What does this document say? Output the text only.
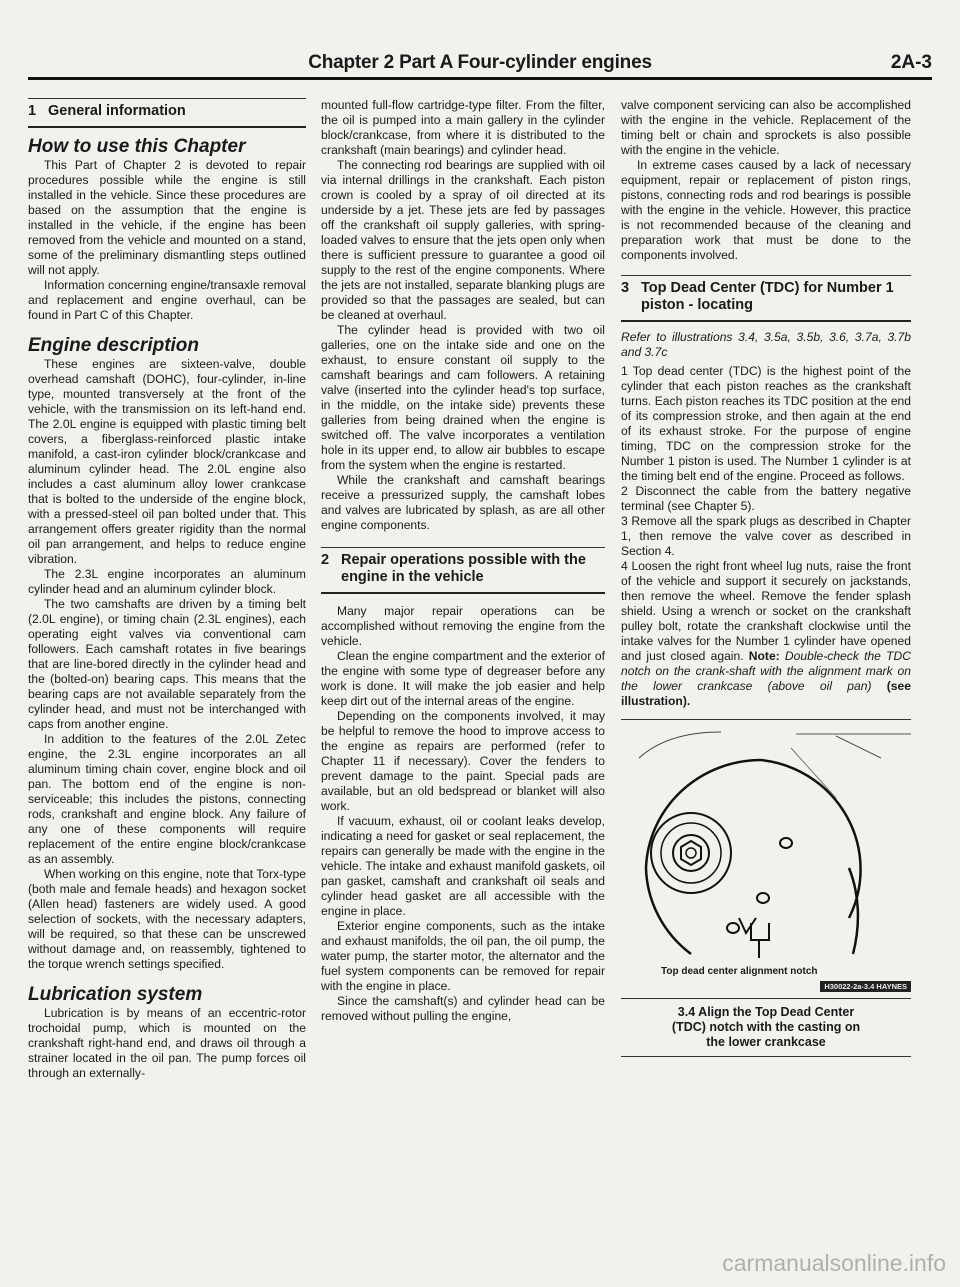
Chapter 2 Part A Four-cylinder engines	2A-3
1 General information
How to use this Chapter

This Part of Chapter 2 is devoted to repair procedures possible while the engine is still installed in the vehicle. Since these procedures are based on the assumption that the engine is installed in the vehicle, if the engine has been removed from the vehicle and mounted on a stand, some of the preliminary dismantling steps outlined will not apply.

Information concerning engine/transaxle removal and replacement and engine overhaul, can be found in Part C of this Chapter.

Engine description

These engines are sixteen-valve, double overhead camshaft (DOHC), four-cylinder, in-line type, mounted transversely at the front of the vehicle, with the transmission on its left-hand end. The 2.0L engine is equipped with plastic timing belt covers, a fiberglass-reinforced plastic intake manifold, a cast-iron cylinder block/crankcase and aluminum cylinder head. The 2.0L engine also includes a cast aluminum alloy lower crankcase that is bolted to the underside of the engine block, with a pressed-steel oil pan bolted under that. This arrangement offers greater rigidity than the normal oil pan arrangement, and helps to reduce engine vibration.

The 2.3L engine incorporates an aluminum cylinder head and an aluminum cylinder block.

The two camshafts are driven by a timing belt (2.0L engine), or timing chain (2.3L engines), each operating eight valves via conventional cam followers. Each camshaft rotates in five bearings that are line-bored directly in the cylinder head and the (bolted-on) bearing caps. This means that the bearing caps are not available separately from the cylinder head, and must not be interchanged with caps from another engine.

In addition to the features of the 2.0L Zetec engine, the 2.3L engine incorporates an all aluminum timing chain cover, engine block and oil pan. The bottom end of the engine is non-serviceable; this includes the pistons, connecting rods, crankshaft and engine block. Any failure of any one of these components will require replacement of the entire engine block/crankcase as an assembly.

When working on this engine, note that Torx-type (both male and female heads) and hexagon socket (Allen head) fasteners are widely used. A good selection of sockets, with the necessary adapters, will be required, so that these can be unscrewed without damage and, on reassembly, tightened to the torque wrench settings specified.

Lubrication system

Lubrication is by means of an eccentric-rotor trochoidal pump, which is mounted on the crankshaft right-hand end, and draws oil through a strainer located in the oil pan. The pump forces oil through an externally-

mounted full-flow cartridge-type filter. From the filter, the oil is pumped into a main gallery in the cylinder block/crankcase, from where it is distributed to the crankshaft (main bearings) and cylinder head.

The connecting rod bearings are supplied with oil via internal drillings in the crankshaft. Each piston crown is cooled by a spray of oil directed at its underside by a jet. These jets are fed by passages off the crankshaft oil supply galleries, with spring-loaded valves to ensure that the jets open only when there is sufficient pressure to guarantee a good oil supply to the rest of the engine components. Where the jets are not installed, separate blanking plugs are provided so that the passages are sealed, but can be cleaned at overhaul.

The cylinder head is provided with two oil galleries, one on the intake side and one on the exhaust, to ensure constant oil supply to the camshaft bearings and cam followers. A retaining valve (inserted into the cylinder head's top surface, in the middle, on the intake side) prevents these galleries from being drained when the engine is switched off. The valve incorporates a ventilation hole in its upper end, to allow air bubbles to escape from the system when the engine is restarted.

While the crankshaft and camshaft bearings receive a pressurized supply, the camshaft lobes and valves are lubricated by splash, as are all other engine components.

2 Repair operations possible with the engine in the vehicle

Many major repair operations can be accomplished without removing the engine from the vehicle.

Clean the engine compartment and the exterior of the engine with some type of degreaser before any work is done. It will make the job easier and help keep dirt out of the internal areas of the engine.

Depending on the components involved, it may be helpful to remove the hood to improve access to the engine as repairs are performed (refer to Chapter 11 if necessary). Cover the fenders to prevent damage to the paint. Special pads are available, but an old bedspread or blanket will also work.

If vacuum, exhaust, oil or coolant leaks develop, indicating a need for gasket or seal replacement, the repairs can generally be made with the engine in the vehicle. The intake and exhaust manifold gaskets, oil pan gasket, camshaft and crankshaft oil seals and cylinder head gasket are all accessible with the engine in place.

Exterior engine components, such as the intake and exhaust manifolds, the oil pan, the oil pump, the water pump, the starter motor, the alternator and the fuel system components can be removed for repair with the engine in place.

Since the camshaft(s) and cylinder head can be removed without pulling the engine,

valve component servicing can also be accomplished with the engine in the vehicle. Replacement of the timing belt or chain and sprockets is also possible with the engine in the vehicle.

In extreme cases caused by a lack of necessary equipment, repair or replacement of piston rings, pistons, connecting rods and rod bearings is possible with the engine in the vehicle. However, this practice is not recommended because of the cleaning and preparation work that must be done to the components involved.

3 Top Dead Center (TDC) for Number 1 piston - locating

Refer to illustrations 3.4, 3.5a, 3.5b, 3.6, 3.7a, 3.7b and 3.7c

1 Top dead center (TDC) is the highest point of the cylinder that each piston reaches as the crankshaft turns. Each piston reaches its TDC position at the end of its compression stroke, and then again at the end of its exhaust stroke. For the purpose of engine timing, TDC on the compression stroke for the Number 1 piston is used. The Number 1 cylinder is at the timing belt end of the engine. Proceed as follows.

2 Disconnect the cable from the battery negative terminal (see Chapter 5).

3 Remove all the spark plugs as described in Chapter 1, then remove the valve cover as described in Section 4.

4 Loosen the right front wheel lug nuts, raise the front of the vehicle and support it securely on jackstands, then remove the wheel. Remove the fender splash shield. Using a wrench or socket on the crankshaft pulley bolt, rotate the crankshaft clockwise until the intake valves for the Number 1 cylinder have opened and just closed again. Note: Double-check the TDC notch on the crank-shaft with the alignment mark on the lower crankcase (above oil pan) (see illustration).

Top dead center alignment notch
H30022-2a-3.4 HAYNES
3.4 Align the Top Dead Center (TDC) notch with the casting on the lower crankcase
carmanualsonline.info
